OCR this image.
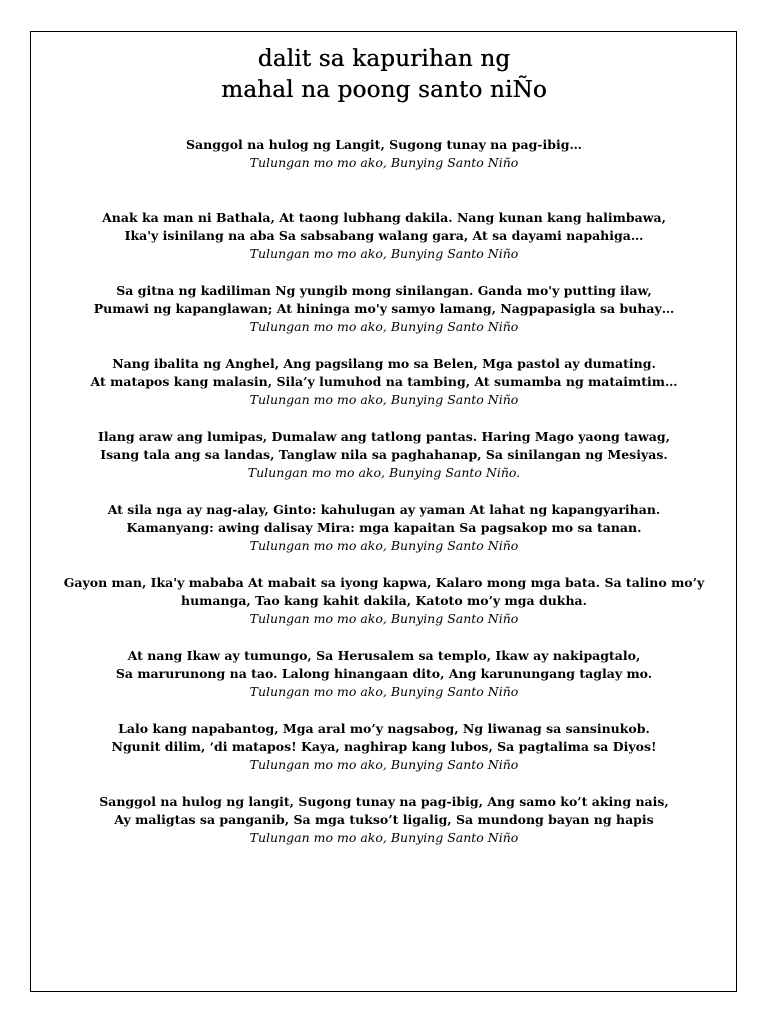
dalit sa kapurihan ng
mahal na poong santo niÑo
Sanggol na hulog ng Langit, Sugong tunay na pag-ibig…
Tulungan mo mo ako, Bunying Santo Niño
Anak ka man ni Bathala, At taong lubhang dakila. Nang kunan kang halimbawa,
Ika'y isinilang na aba Sa sabsabang walang gara, At sa dayami napahiga…
Tulungan mo mo ako, Bunying Santo Niño
Sa gitna ng kadiliman Ng yungib mong sinilangan. Ganda mo'y putting ilaw,
Pumawi ng kapanglawan; At hininga mo'y samyo lamang, Nagpapasigla sa buhay…
Tulungan mo mo ako, Bunying Santo Niño
Nang ibalita ng Anghel, Ang pagsilang mo sa Belen, Mga pastol ay dumating.
At matapos kang malasin, Sila’y lumuhod na tambing, At sumamba ng mataimtim…
Tulungan mo mo ako, Bunying Santo Niño
Ilang araw ang lumipas, Dumalaw ang tatlong pantas. Haring Mago yaong tawag,
Isang tala ang sa landas, Tanglaw nila sa paghahanap, Sa sinilangan ng Mesiyas.
Tulungan mo mo ako, Bunying Santo Niño.
At sila nga ay nag-alay, Ginto: kahulugan ay yaman At lahat ng kapangyarihan.
Kamanyang: awing dalisay Mira: mga kapaitan Sa pagsakop mo sa tanan.
Tulungan mo mo ako, Bunying Santo Niño
Gayon man, Ika'y mababa At mabait sa iyong kapwa, Kalaro mong mga bata. Sa talino mo’y
humanga, Tao kang kahit dakila, Katoto mo’y mga dukha.
Tulungan mo mo ako, Bunying Santo Niño
At nang Ikaw ay tumungo, Sa Herusalem sa templo, Ikaw ay nakipagtalo,
Sa marurunong na tao. Lalong hinangaan dito, Ang karunungang taglay mo.
Tulungan mo mo ako, Bunying Santo Niño
Lalo kang napabantog, Mga aral mo’y nagsabog, Ng liwanag sa sansinukob.
Ngunit dilim, ‘di matapos! Kaya, naghirap kang lubos, Sa pagtalima sa Diyos!
Tulungan mo mo ako, Bunying Santo Niño
Sanggol na hulog ng langit, Sugong tunay na pag-ibig, Ang samo ko’t aking nais,
Ay maligtas sa panganib, Sa mga tukso’t ligalig, Sa mundong bayan ng hapis
Tulungan mo mo ako, Bunying Santo Niño
